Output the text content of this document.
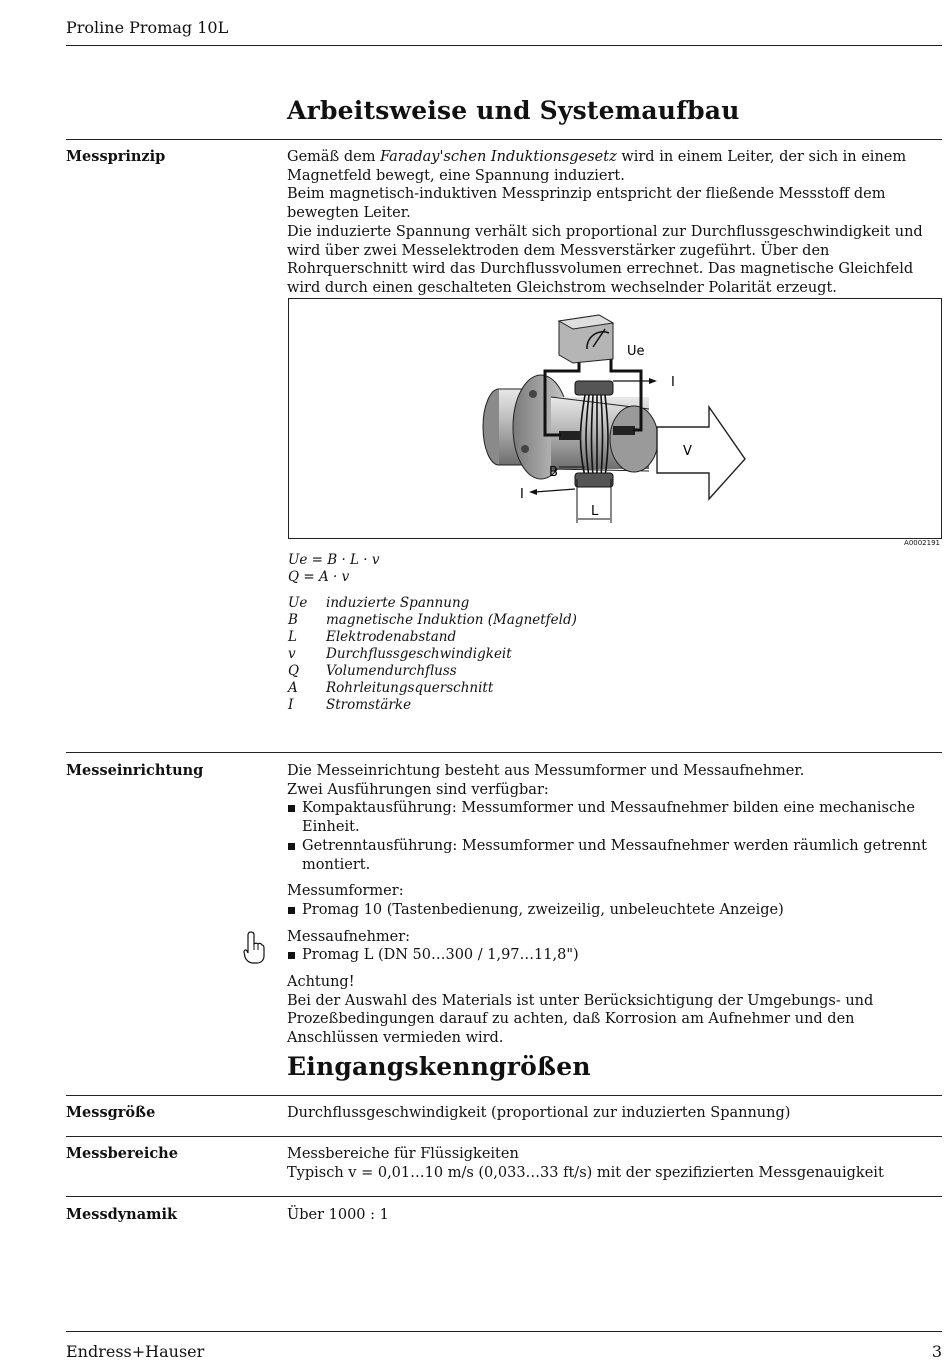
Proline Promag 10L
Arbeitsweise und Systemaufbau
Messprinzip	Gemäß dem Faraday'schen Induktionsgesetz wird in einem Leiter, der sich in einem Magnetfeld bewegt, eine Spannung induziert.

Beim magnetisch-induktiven Messprinzip entspricht der fließende Messstoff dem bewegten Leiter.

Die induzierte Spannung verhält sich proportional zur Durchflussgeschwindigkeit und wird über zwei Messelektroden dem Messverstärker zugeführt. Über den Rohrquerschnitt wird das Durchflussvolumen errechnet. Das magnetische Gleichfeld wird durch einen geschalteten Gleichstrom wechselnder Polarität erzeugt.

Ue
I
V
B
I
L
A0002191
Ue = B · L · v
Q = A · v
Ue	induzierte Spannung
B	magnetische Induktion (Magnetfeld)
L	Elektrodenabstand
v	Durchflussgeschwindigkeit
Q	Volumendurchfluss
A	Rohrleitungsquerschnitt
I	Stromstärke
Messeinrichtung	Die Messeinrichtung besteht aus Messumformer und Messaufnehmer.

Zwei Ausführungen sind verfügbar:

Kompaktausführung: Messumformer und Messaufnehmer bilden eine mechanische Einheit.
Getrenntausführung: Messumformer und Messaufnehmer werden räumlich getrennt montiert.

Messumformer:

Promag 10 (Tastenbedienung, zweizeilig, unbeleuchtete Anzeige)

Messaufnehmer:

Promag L (DN 50…300 / 1,97…11,8")

Achtung!

Bei der Auswahl des Materials ist unter Berücksichtigung der Umgebungs- und Prozeßbedingungen darauf zu achten, daß Korrosion am Aufnehmer und den Anschlüssen vermieden wird.

Eingangskenngrößen
Messgröße	Durchflussgeschwindigkeit (proportional zur induzierten Spannung)
Messbereiche	Messbereiche für Flüssigkeiten

Typisch v = 0,01…10 m/s (0,033…33 ft/s) mit der spezifizierten Messgenauigkeit

Messdynamik	Über 1000 : 1
Endress+Hauser	3
